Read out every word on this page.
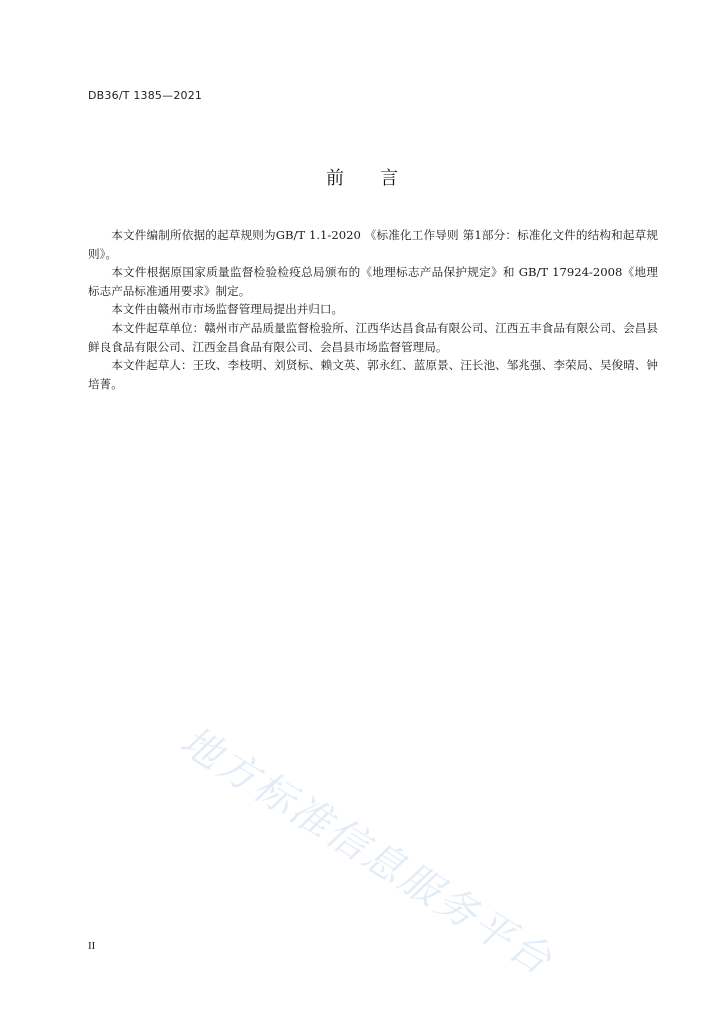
DB36/T 1385—2021
前 言

本文件编制所依据的起草规则为GB/T 1.1-2020 《标准化工作导则 第1部分：标准化文件的结构和起草规则》。

本文件根据原国家质量监督检验检疫总局颁布的《地理标志产品保护规定》和 GB/T 17924-2008《地理标志产品标准通用要求》制定。

本文件由赣州市市场监督管理局提出并归口。

本文件起草单位：赣州市产品质量监督检验所、江西华达昌食品有限公司、江西五丰食品有限公司、会昌县鲜良食品有限公司、江西金昌食品有限公司、会昌县市场监督管理局。

本文件起草人：王玫、李枝明、刘贤标、赖文英、郭永红、蓝原景、汪长池、邹兆强、李荣局、吴俊晴、钟培菁。

地方标准信息服务平台
II
